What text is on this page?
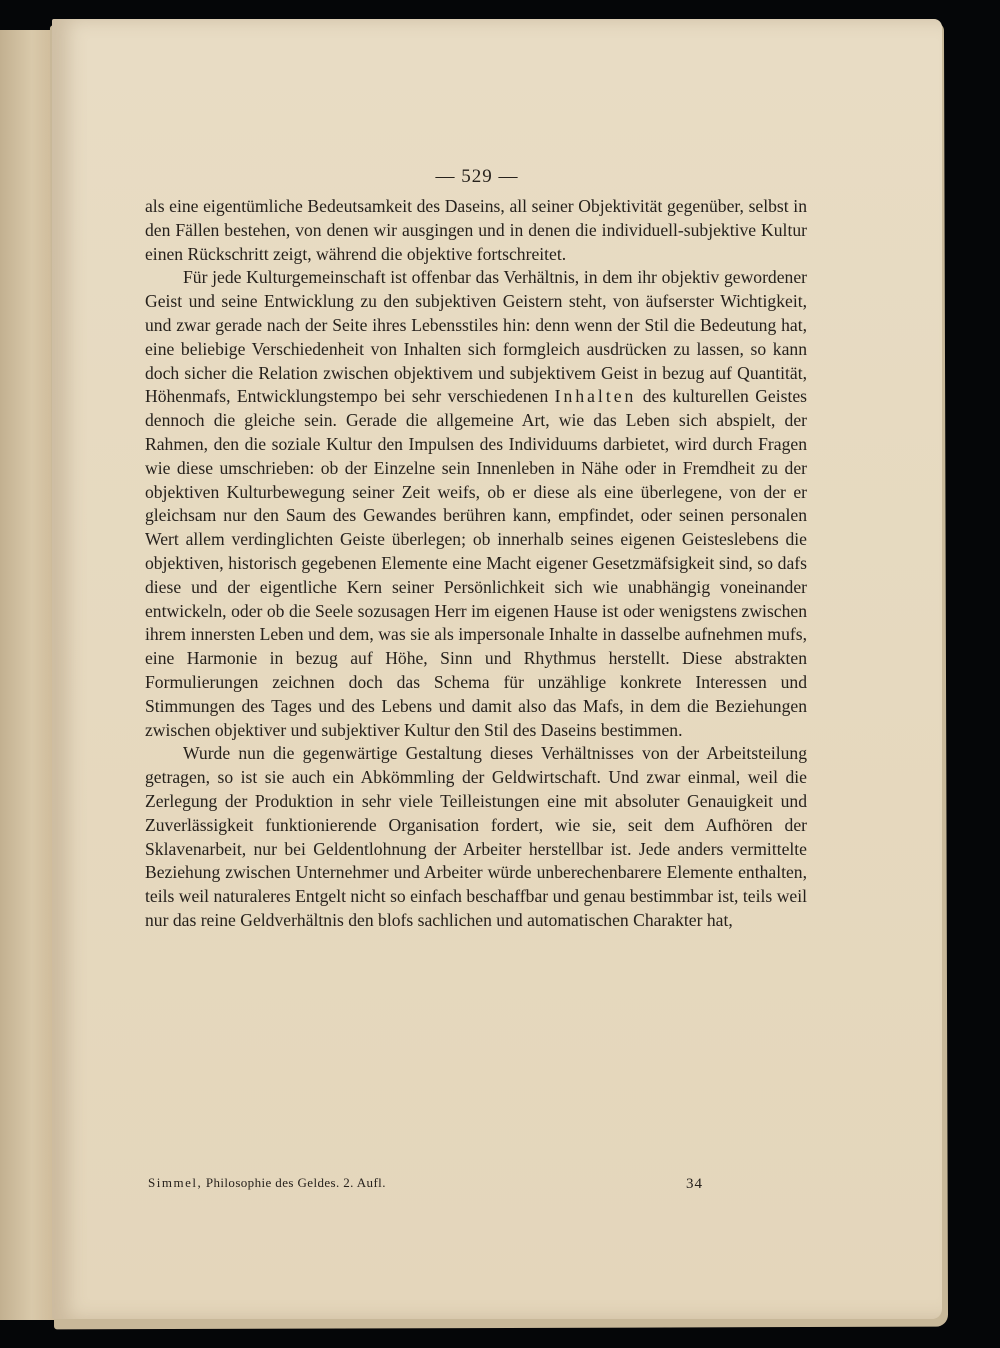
— 529 —

als eine eigentümliche Bedeutsamkeit des Daseins, all seiner Objektivität gegenüber, selbst in den Fällen bestehen, von denen wir ausgingen und in denen die individuell-subjektive Kultur einen Rückschritt zeigt, während die objektive fortschreitet.

Für jede Kulturgemeinschaft ist offenbar das Verhältnis, in dem ihr objektiv gewordener Geist und seine Entwicklung zu den subjektiven Geistern steht, von äufserster Wichtigkeit, und zwar gerade nach der Seite ihres Lebensstiles hin: denn wenn der Stil die Bedeutung hat, eine beliebige Verschiedenheit von Inhalten sich formgleich ausdrücken zu lassen, so kann doch sicher die Relation zwischen objektivem und subjektivem Geist in bezug auf Quantität, Höhenmafs, Entwicklungstempo bei sehr verschiedenen Inhalten des kulturellen Geistes dennoch die gleiche sein. Gerade die allgemeine Art, wie das Leben sich abspielt, der Rahmen, den die soziale Kultur den Impulsen des Individuums darbietet, wird durch Fragen wie diese umschrieben: ob der Einzelne sein Innenleben in Nähe oder in Fremdheit zu der objektiven Kulturbewegung seiner Zeit weifs, ob er diese als eine überlegene, von der er gleichsam nur den Saum des Gewandes berühren kann, empfindet, oder seinen personalen Wert allem verdinglichten Geiste überlegen; ob innerhalb seines eigenen Geisteslebens die objektiven, historisch gegebenen Elemente eine Macht eigener Gesetzmäfsigkeit sind, so dafs diese und der eigentliche Kern seiner Persönlichkeit sich wie unabhängig voneinander entwickeln, oder ob die Seele sozusagen Herr im eigenen Hause ist oder wenigstens zwischen ihrem innersten Leben und dem, was sie als impersonale Inhalte in dasselbe aufnehmen mufs, eine Harmonie in bezug auf Höhe, Sinn und Rhythmus herstellt. Diese abstrakten Formulierungen zeichnen doch das Schema für unzählige konkrete Interessen und Stimmungen des Tages und des Lebens und damit also das Mafs, in dem die Beziehungen zwischen objektiver und subjektiver Kultur den Stil des Daseins bestimmen.

Wurde nun die gegenwärtige Gestaltung dieses Verhältnisses von der Arbeitsteilung getragen, so ist sie auch ein Abkömmling der Geldwirtschaft. Und zwar einmal, weil die Zerlegung der Produktion in sehr viele Teilleistungen eine mit absoluter Genauigkeit und Zuverlässigkeit funktionierende Organisation fordert, wie sie, seit dem Aufhören der Sklavenarbeit, nur bei Geldentlohnung der Arbeiter herstellbar ist. Jede anders vermittelte Beziehung zwischen Unternehmer und Arbeiter würde unberechenbarere Elemente enthalten, teils weil naturaleres Entgelt nicht so einfach beschaffbar und genau bestimmbar ist, teils weil nur das reine Geldverhältnis den blofs sachlichen und automatischen Charakter hat,

Simmel, Philosophie des Geldes. 2. Aufl.	34
